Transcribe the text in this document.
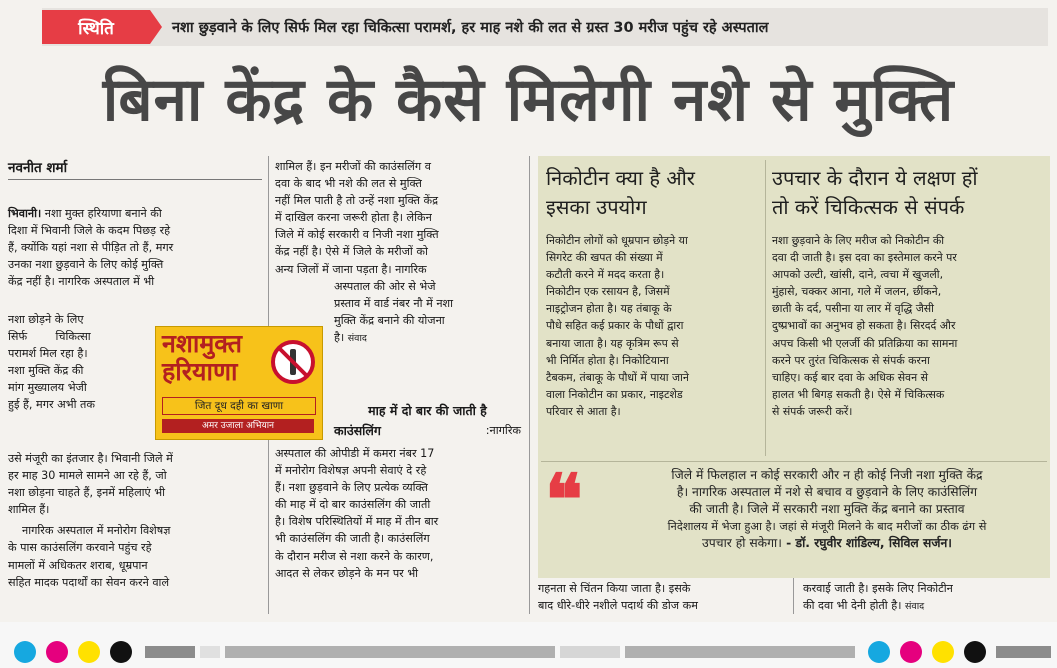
स्थिति	नशा छुड़वाने के लिए सिर्फ मिल रहा चिकित्सा परामर्श, हर माह नशे की लत से ग्रस्त 30 मरीज पहुंच रहे अस्पताल
बिना केंद्र के कैसे मिलेगी नशे से मुक्ति
नवनीत शर्मा

भिवानी। नशा मुक्त हरियाणा बनाने की

दिशा में भिवानी जिले के कदम पिछड़ रहे

हैं, क्योंकि यहां नशा से पीड़ित तो हैं, मगर

उनका नशा छुड़वाने के लिए कोई मुक्ति

केंद्र नहीं है। नागरिक अस्पताल में भी

नशा छोड़ने के लिए

सिर्फ        चिकित्सा

परामर्श मिल रहा है।

नशा मुक्ति केंद्र की

मांग मुख्यालय भेजी

हुई हैं, मगर अभी तक

उसे मंजूरी का इंतजार है। भिवानी जिले में

हर माह 30 मामले सामने आ रहे हैं, जो

नशा छोड़ना चाहते हैं, इनमें महिलाएं भी

शामिल हैं।

नागरिक अस्पताल में मनोरोग विशेषज्ञ

के पास काउंसलिंग करवाने पहुंच रहे

मामलों में अधिकतर शराब, धूम्रपान

सहित मादक पदार्थों का सेवन करने वाले

नशामुक्त
हरियाणा
जित दूध दही का खाणा
अमर उजाला अभियान

शामिल हैं। इन मरीजों की काउंसलिंग व

दवा के बाद भी नशे की लत से मुक्ति

नहीं मिल पाती है तो उन्हें नशा मुक्ति केंद्र

में दाखिल करना जरूरी होता है। लेकिन

जिले में कोई सरकारी व निजी नशा मुक्ति

केंद्र नहीं है। ऐसे में जिले के मरीजों को

अन्य जिलों में जाना पड़ता है। नागरिक

अस्पताल की ओर से भेजे

प्रस्ताव में वार्ड नंबर नौ में नशा

मुक्ति केंद्र बनाने की योजना

है। संवाद

माह में दो बार की जाती है
काउंसलिंग	:नागरिक

अस्पताल की ओपीडी में कमरा नंबर 17

में मनोरोग विशेषज्ञ अपनी सेवाएं दे रहे

हैं। नशा छुड़वाने के लिए प्रत्येक व्यक्ति

की माह में दो बार काउंसलिंग की जाती

है। विशेष परिस्थितियों में माह में तीन बार

भी काउंसलिंग की जाती है। काउंसलिंग

के दौरान मरीज से नशा करने के कारण,

आदत से लेकर छोड़ने के मन पर भी

निकोटीन क्या है और
इसका उपयोग

निकोटीन लोगों को धूम्रपान छोड़ने या

सिगरेट की खपत की संख्या में

कटौती करने में मदद करता है।

निकोटीन एक रसायन है, जिसमें

नाइट्रोजन होता है। यह तंबाकू के

पौधे सहित कई प्रकार के पौधों द्वारा

बनाया जाता है। यह कृत्रिम रूप से

भी निर्मित होता है। निकोटियाना

टैबकम, तंबाकू के पौधों में पाया जाने

वाला निकोटीन का प्रकार, नाइटशेड

परिवार से आता है।

उपचार के दौरान ये लक्षण हों
तो करें चिकित्सक से संपर्क

नशा छुड़वाने के लिए मरीज को निकोटीन की

दवा दी जाती है। इस दवा का इस्तेमाल करने पर

आपको उल्टी, खांसी, दाने, त्वचा में खुजली,

मुंहासे, चक्कर आना, गले में जलन, छींकने,

छाती के दर्द, पसीना या लार में वृद्धि जैसी

दुष्प्रभावों का अनुभव हो सकता है। सिरदर्द और

अपच किसी भी एलर्जी की प्रतिक्रिया का सामना

करने पर तुरंत चिकित्सक से संपर्क करना

चाहिए। कई बार दवा के अधिक सेवन से

हालत भी बिगड़ सकती है। ऐसे में चिकित्सक

से संपर्क जरूरी करें।

❝	जिले में फिलहाल न कोई सरकारी और न ही कोई निजी नशा मुक्ति केंद्र
है। नागरिक अस्पताल में नशे से बचाव व छुड़वाने के लिए काउंसिलिंग
की जाती है। जिले में सरकारी नशा मुक्ति केंद्र बनाने का प्रस्ताव
निदेशालय में भेजा हुआ है। जहां से मंजूरी मिलने के बाद मरीजों का ठीक ढंग से
उपचार हो सकेगा। - डॉ. रघुवीर शांडिल्य, सिविल सर्जन।

गहनता से चिंतन किया जाता है। इसके

बाद धीरे-धीरे नशीले पदार्थ की डोज कम

करवाई जाती है। इसके लिए निकोटीन

की दवा भी देनी होती है। संवाद
